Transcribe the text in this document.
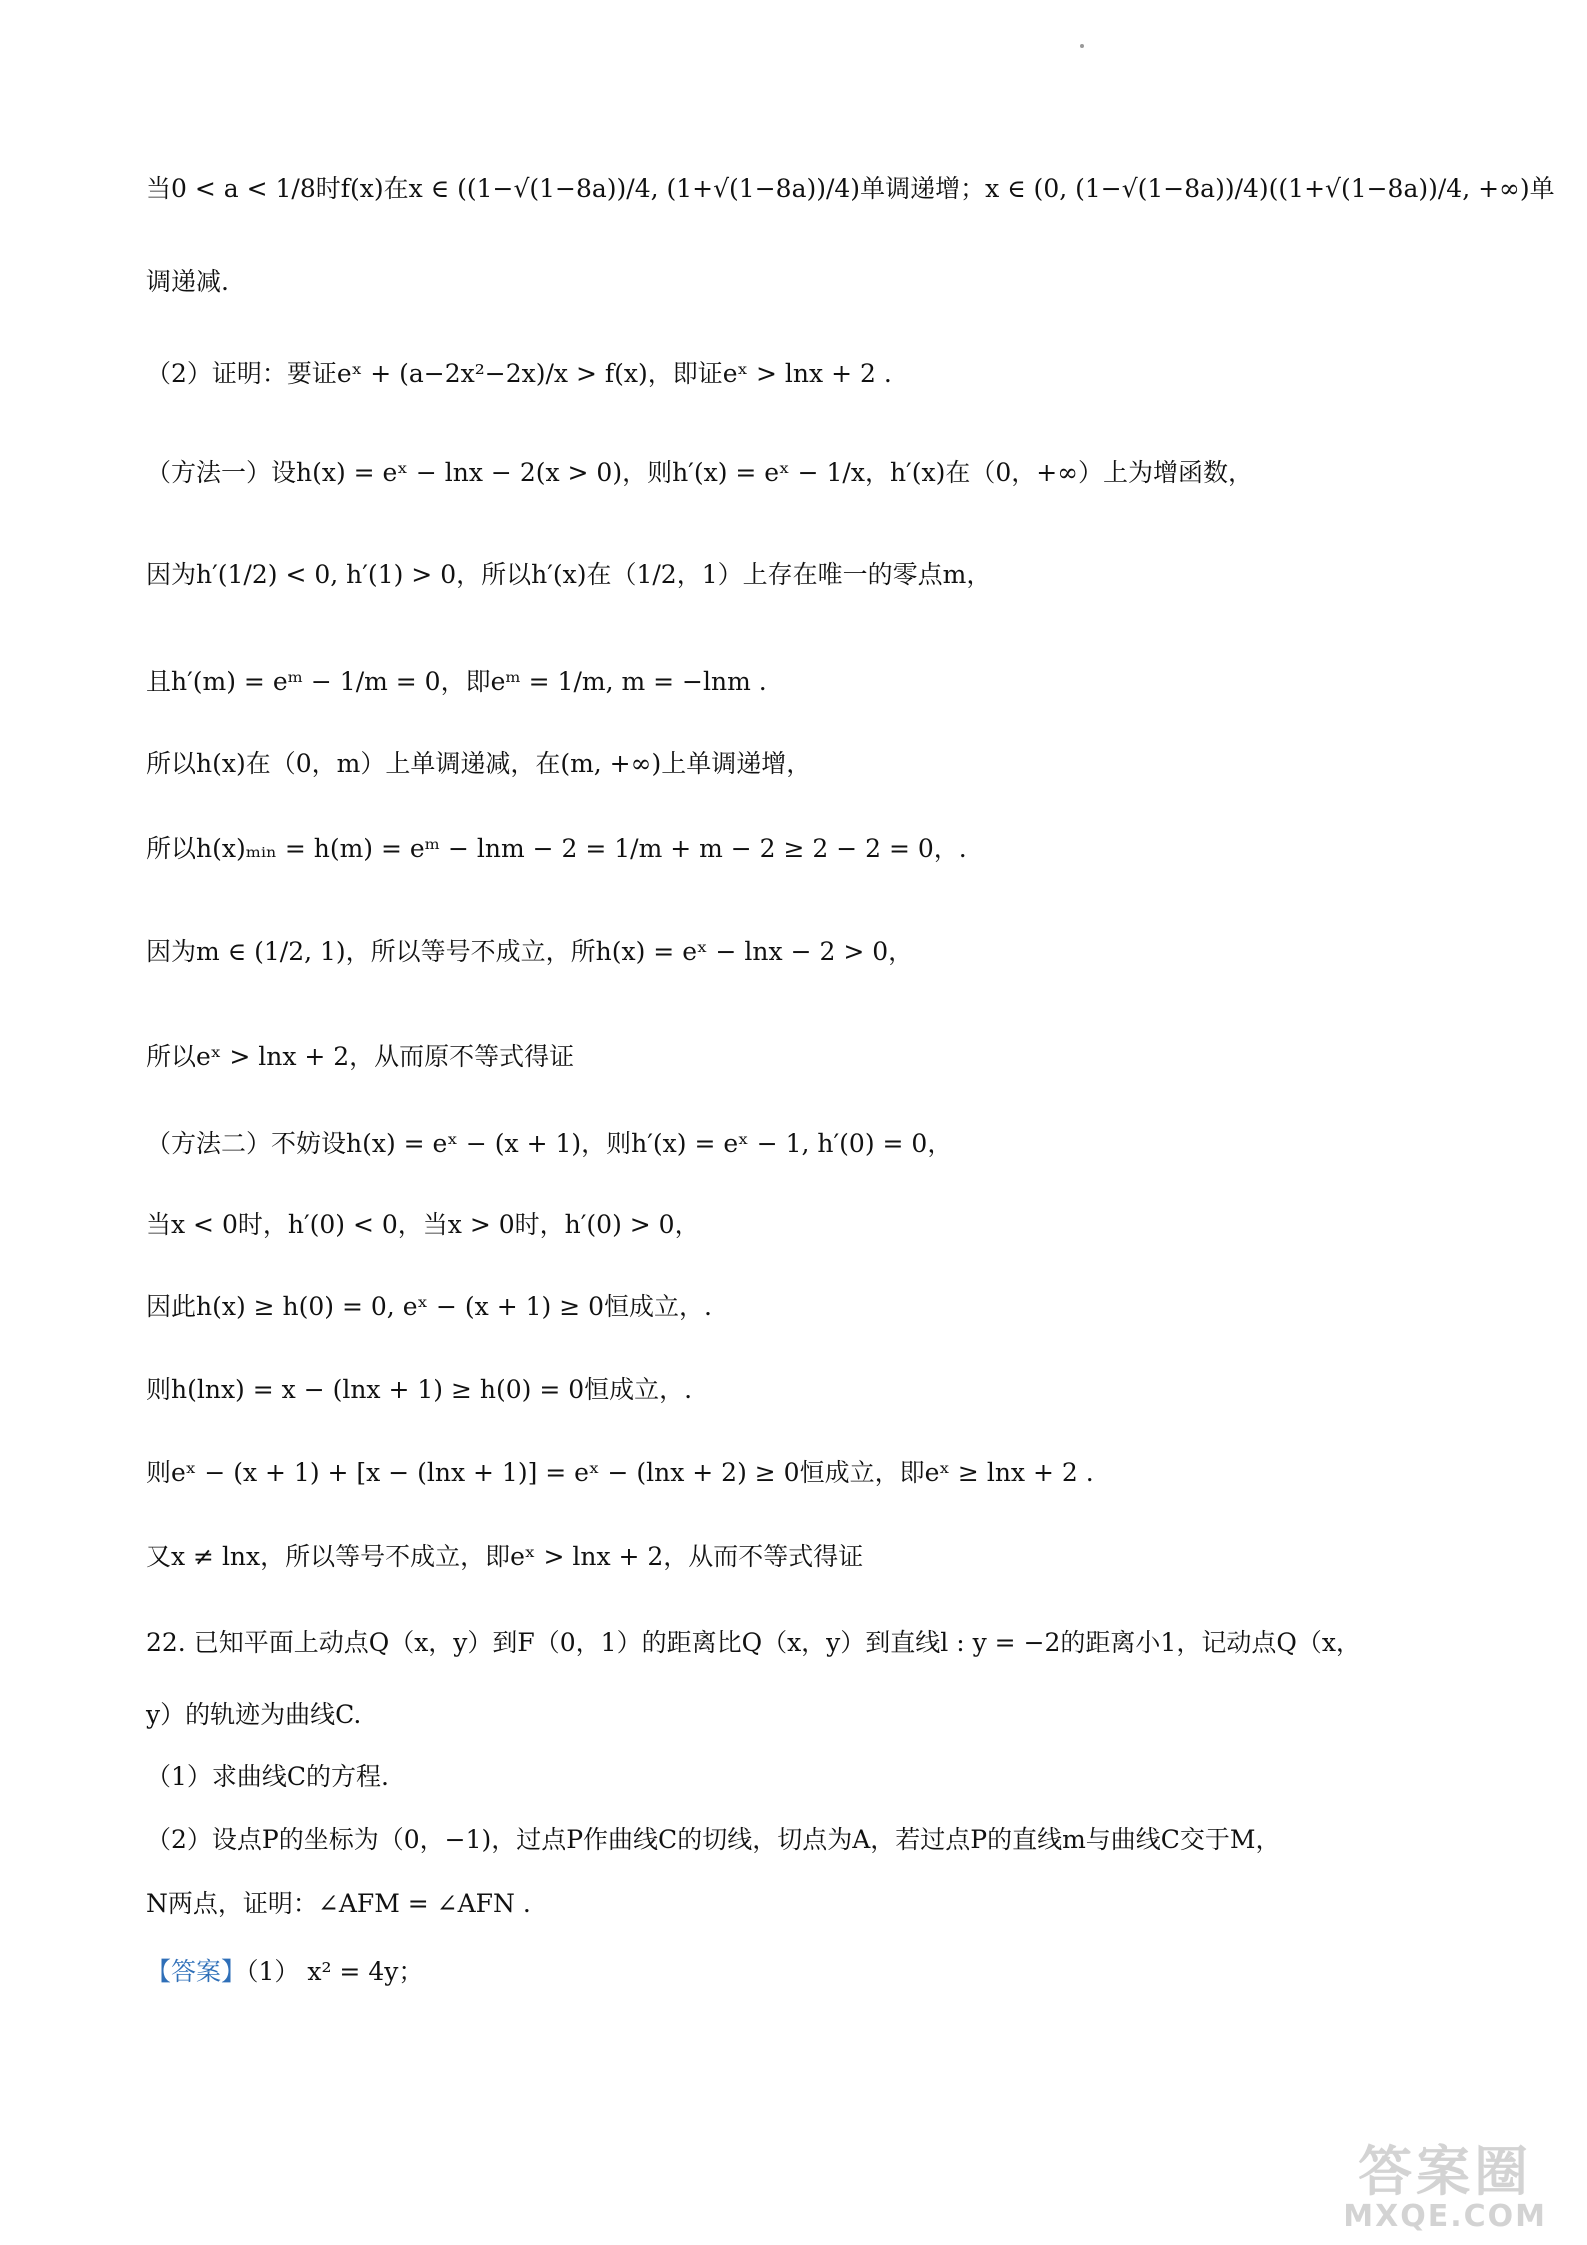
当0 < a < 1/8时f(x)在x ∈ ((1−√(1−8a))/4, (1+√(1−8a))/4)单调递增；x ∈ (0, (1−√(1−8a))/4)((1+√(1−8a))/4, +∞)单
调递减.
（2）证明：要证eˣ + (a−2x²−2x)/x > f(x)，即证eˣ > lnx + 2 .
（方法一）设h(x) = eˣ − lnx − 2(x > 0)，则h′(x) = eˣ − 1/x，h′(x)在（0，+∞）上为增函数，
因为h′(1/2) < 0, h′(1) > 0，所以h′(x)在（1/2，1）上存在唯一的零点m，
且h′(m) = eᵐ − 1/m = 0，即eᵐ = 1/m, m = −lnm .
所以h(x)在（0，m）上单调递减，在(m, +∞)上单调递增，
所以h(x)ₘᵢₙ = h(m) = eᵐ − lnm − 2 = 1/m + m − 2 ≥ 2 − 2 = 0，.
因为m ∈ (1/2, 1)，所以等号不成立，所h(x) = eˣ − lnx − 2 > 0，
所以eˣ > lnx + 2，从而原不等式得证
（方法二）不妨设h(x) = eˣ − (x + 1)，则h′(x) = eˣ − 1, h′(0) = 0，
当x < 0时，h′(0) < 0，当x > 0时，h′(0) > 0，
因此h(x) ≥ h(0) = 0, eˣ − (x + 1) ≥ 0恒成立，.
则h(lnx) = x − (lnx + 1) ≥ h(0) = 0恒成立，.
则eˣ − (x + 1) + [x − (lnx + 1)] = eˣ − (lnx + 2) ≥ 0恒成立，即eˣ ≥ lnx + 2 .
又x ≠ lnx，所以等号不成立，即eˣ > lnx + 2，从而不等式得证
22. 已知平面上动点Q（x，y）到F（0，1）的距离比Q（x，y）到直线l : y = −2的距离小1，记动点Q（x，
y）的轨迹为曲线C.
（1）求曲线C的方程.
（2）设点P的坐标为（0，−1)，过点P作曲线C的切线，切点为A，若过点P的直线m与曲线C交于M，
N两点，证明：∠AFM = ∠AFN .
【答案】（1） x² = 4y；
答案圈
MXQE.COM
